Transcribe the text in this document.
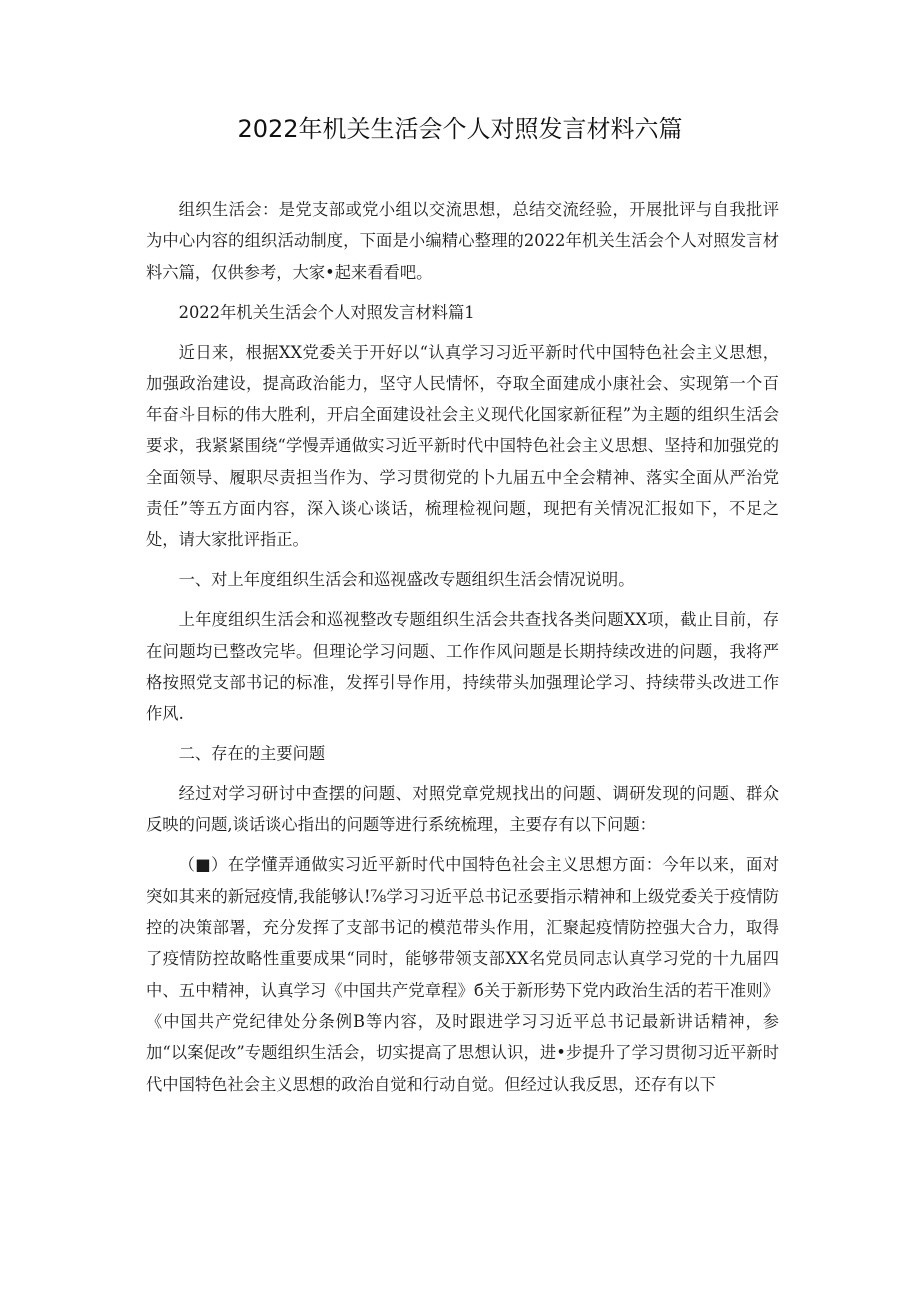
2022年机关生活会个人对照发言材料六篇

组织生活会：是党支部或党小组以交流思想，总结交流经验，开展批评与自我批评为中心内容的组织活动制度，下面是小编精心整理的2022年机关生活会个人对照发言材料六篇，仅供参考，大家•起来看看吧。

2022年机关生活会个人对照发言材料篇1

近日来，根据XX党委关于开好以“认真学习习近平新时代中国特色社会主义思想，加强政治建设，提高政治能力，坚守人民情怀，夺取全面建成小康社会、实现第一个百年奋斗目标的伟大胜利，开启全面建设社会主义现代化国家新征程”为主题的组织生活会要求，我紧紧围绕“学慢弄通做实习近平新时代中国特色社会主义思想、坚持和加强党的全面领导、履职尽责担当作为、学习贯彻党的卜九届五中全会精神、落实全面从严治党责任”等五方面内容，深入谈心谈话，梳理检视问题，现把有关情况汇报如下，不足之处，请大家批评指正。

一、对上年度组织生活会和巡视盛改专题组织生活会情况说明。

上年度组织生活会和巡视整改专题组织生活会共查找各类问题XX项，截止目前，存在问题均已整改完毕。但理论学习问题、工作作风问题是长期持续改进的问题，我将严格按照党支部书记的标准，发挥引导作用，持续带头加强理论学习、持续带头改进工作作风.

二、存在的主要问题

经过对学习研讨中查摆的问题、对照党章党规找出的问题、调研发现的问题、群众反映的问题,谈话谈心指出的问题等进行系统梳理，主要存有以下问题：

（■）在学懂弄通做实习近平新时代中国特色社会主义思想方面：今年以来，面对突如其来的新冠疫情,我能够认!⅞学习习近平总书记丞要指示精神和上级党委关于疫情防控的决策部署，充分发挥了支部书记的模范带头作用，汇聚起疫情防控强大合力，取得了疫情防控故略性重要成果“同时，能够带领支部XX名党员同志认真学习党的十九届四中、五中精神，认真学习《中国共产党章程》б关于新形势下党内政治生活的若干准则》《中国共产党纪律处分条例Β等内容，及时跟进学习习近平总书记最新讲话精神，参加“以案促改”专题组织生活会，切实提高了思想认识，进•步提升了学习贯彻习近平新时代中国特色社会主义思想的政治自觉和行动自觉。但经过认我反思，还存有以下
